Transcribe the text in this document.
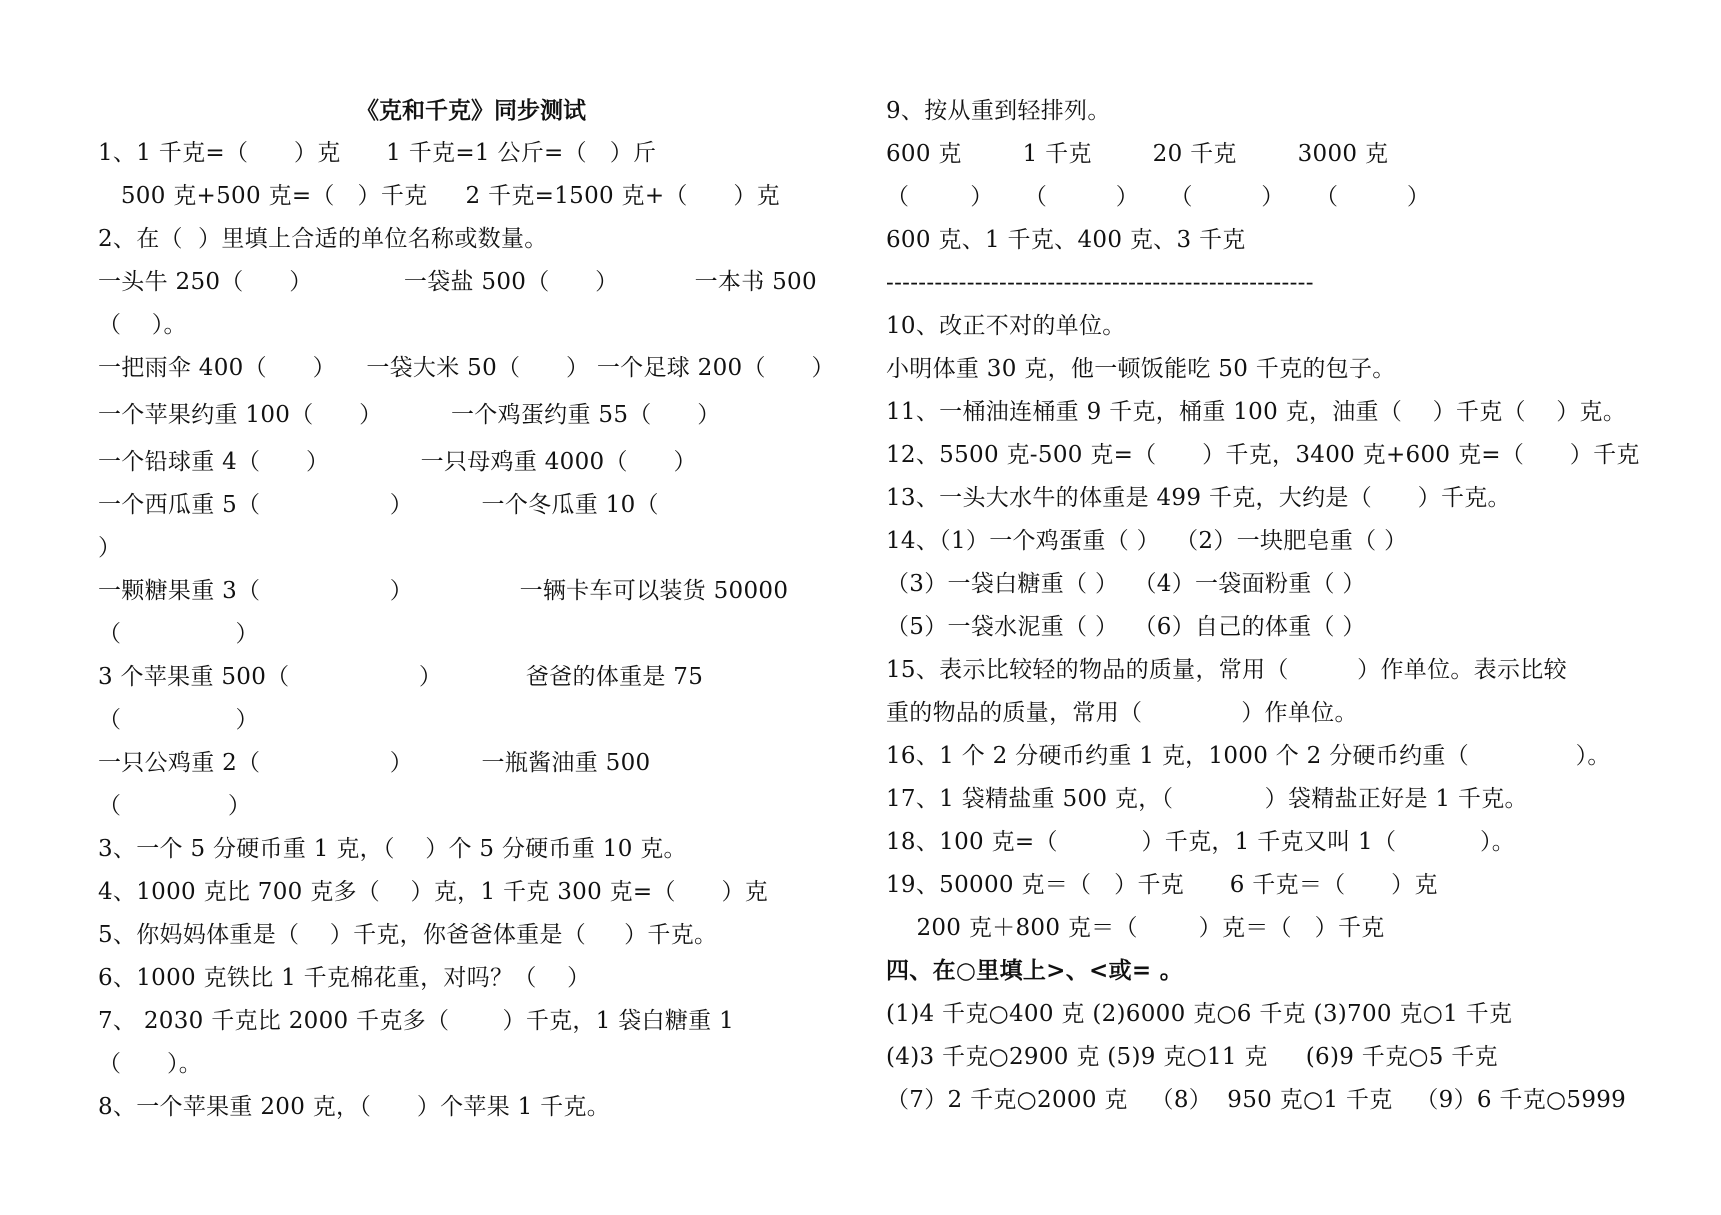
《克和千克》同步测试
1、1 千克=（      ）克      1 千克=1 公斤=（   ）斤
500 克+500 克=（   ）千克     2 千克=1500 克+（      ）克
2、在（  ）里填上合适的单位名称或数量。
一头牛 250（      ）            一袋盐 500（      ）          一本书 500
（    ）。
一把雨伞 400（      ）    一袋大米 50（      ） 一个足球 200（      ）
一个苹果约重 100（      ）         一个鸡蛋约重 55（      ）
一个铅球重 4（      ）            一只母鸡重 4000（      ）
一个西瓜重 5（                 ）         一个冬瓜重 10（
）
一颗糖果重 3（                 ）              一辆卡车可以装货 50000
（               ）
3 个苹果重 500（                 ）           爸爸的体重是 75
（               ）
一只公鸡重 2（                 ）         一瓶酱油重 500
（              ）
3、一个 5 分硬币重 1 克，（    ）个 5 分硬币重 10 克。
4、1000 克比 700 克多（    ）克，1 千克 300 克=（      ）克
5、你妈妈体重是（    ）千克，你爸爸体重是（     ）千克。
6、1000 克铁比 1 千克棉花重，对吗？（    ）
7、 2030 千克比 2000 千克多（       ）千克，1 袋白糖重 1
（      ）。
8、一个苹果重 200 克，（      ）个苹果 1 千克。
9、按从重到轻排列。
600 克        1 千克        20 千克        3000 克
（        ）    （         ）    （         ）    （         ）
600 克、1 千克、400 克、3 千克
-----------------------------------------------------
10、改正不对的单位。
小明体重 30 克，他一顿饭能吃 50 千克的包子。
11、一桶油连桶重 9 千克，桶重 100 克，油重（    ）千克（    ）克。
12、5500 克-500 克=（      ）千克，3400 克+600 克=（      ）千克
13、一头大水牛的体重是 499 千克，大约是（      ）千克。
14、（1）一个鸡蛋重（ ）  （2）一块肥皂重（ ）
（3）一袋白糖重（ ）  （4）一袋面粉重（ ）
（5）一袋水泥重（ ）  （6）自己的体重（ ）
15、表示比较轻的物品的质量，常用（         ）作单位。表示比较
重的物品的质量，常用（             ）作单位。
16、1 个 2 分硬币约重 1 克，1000 个 2 分硬币约重（              ）。
17、1 袋精盐重 500 克，（            ）袋精盐正好是 1 千克。
18、100 克=（           ）千克，1 千克又叫 1（           ）。
19、50000 克＝（   ）千克      6 千克＝（      ）克
200 克＋800 克＝（        ）克＝（   ）千克
四、在○里填上>、<或= 。
(1)4 千克○400 克 (2)6000 克○6 千克 (3)700 克○1 千克
(4)3 千克○2900 克 (5)9 克○11 克     (6)9 千克○5 千克
（7）2 千克○2000 克   （8）  950 克○1 千克   （9）6 千克○5999
